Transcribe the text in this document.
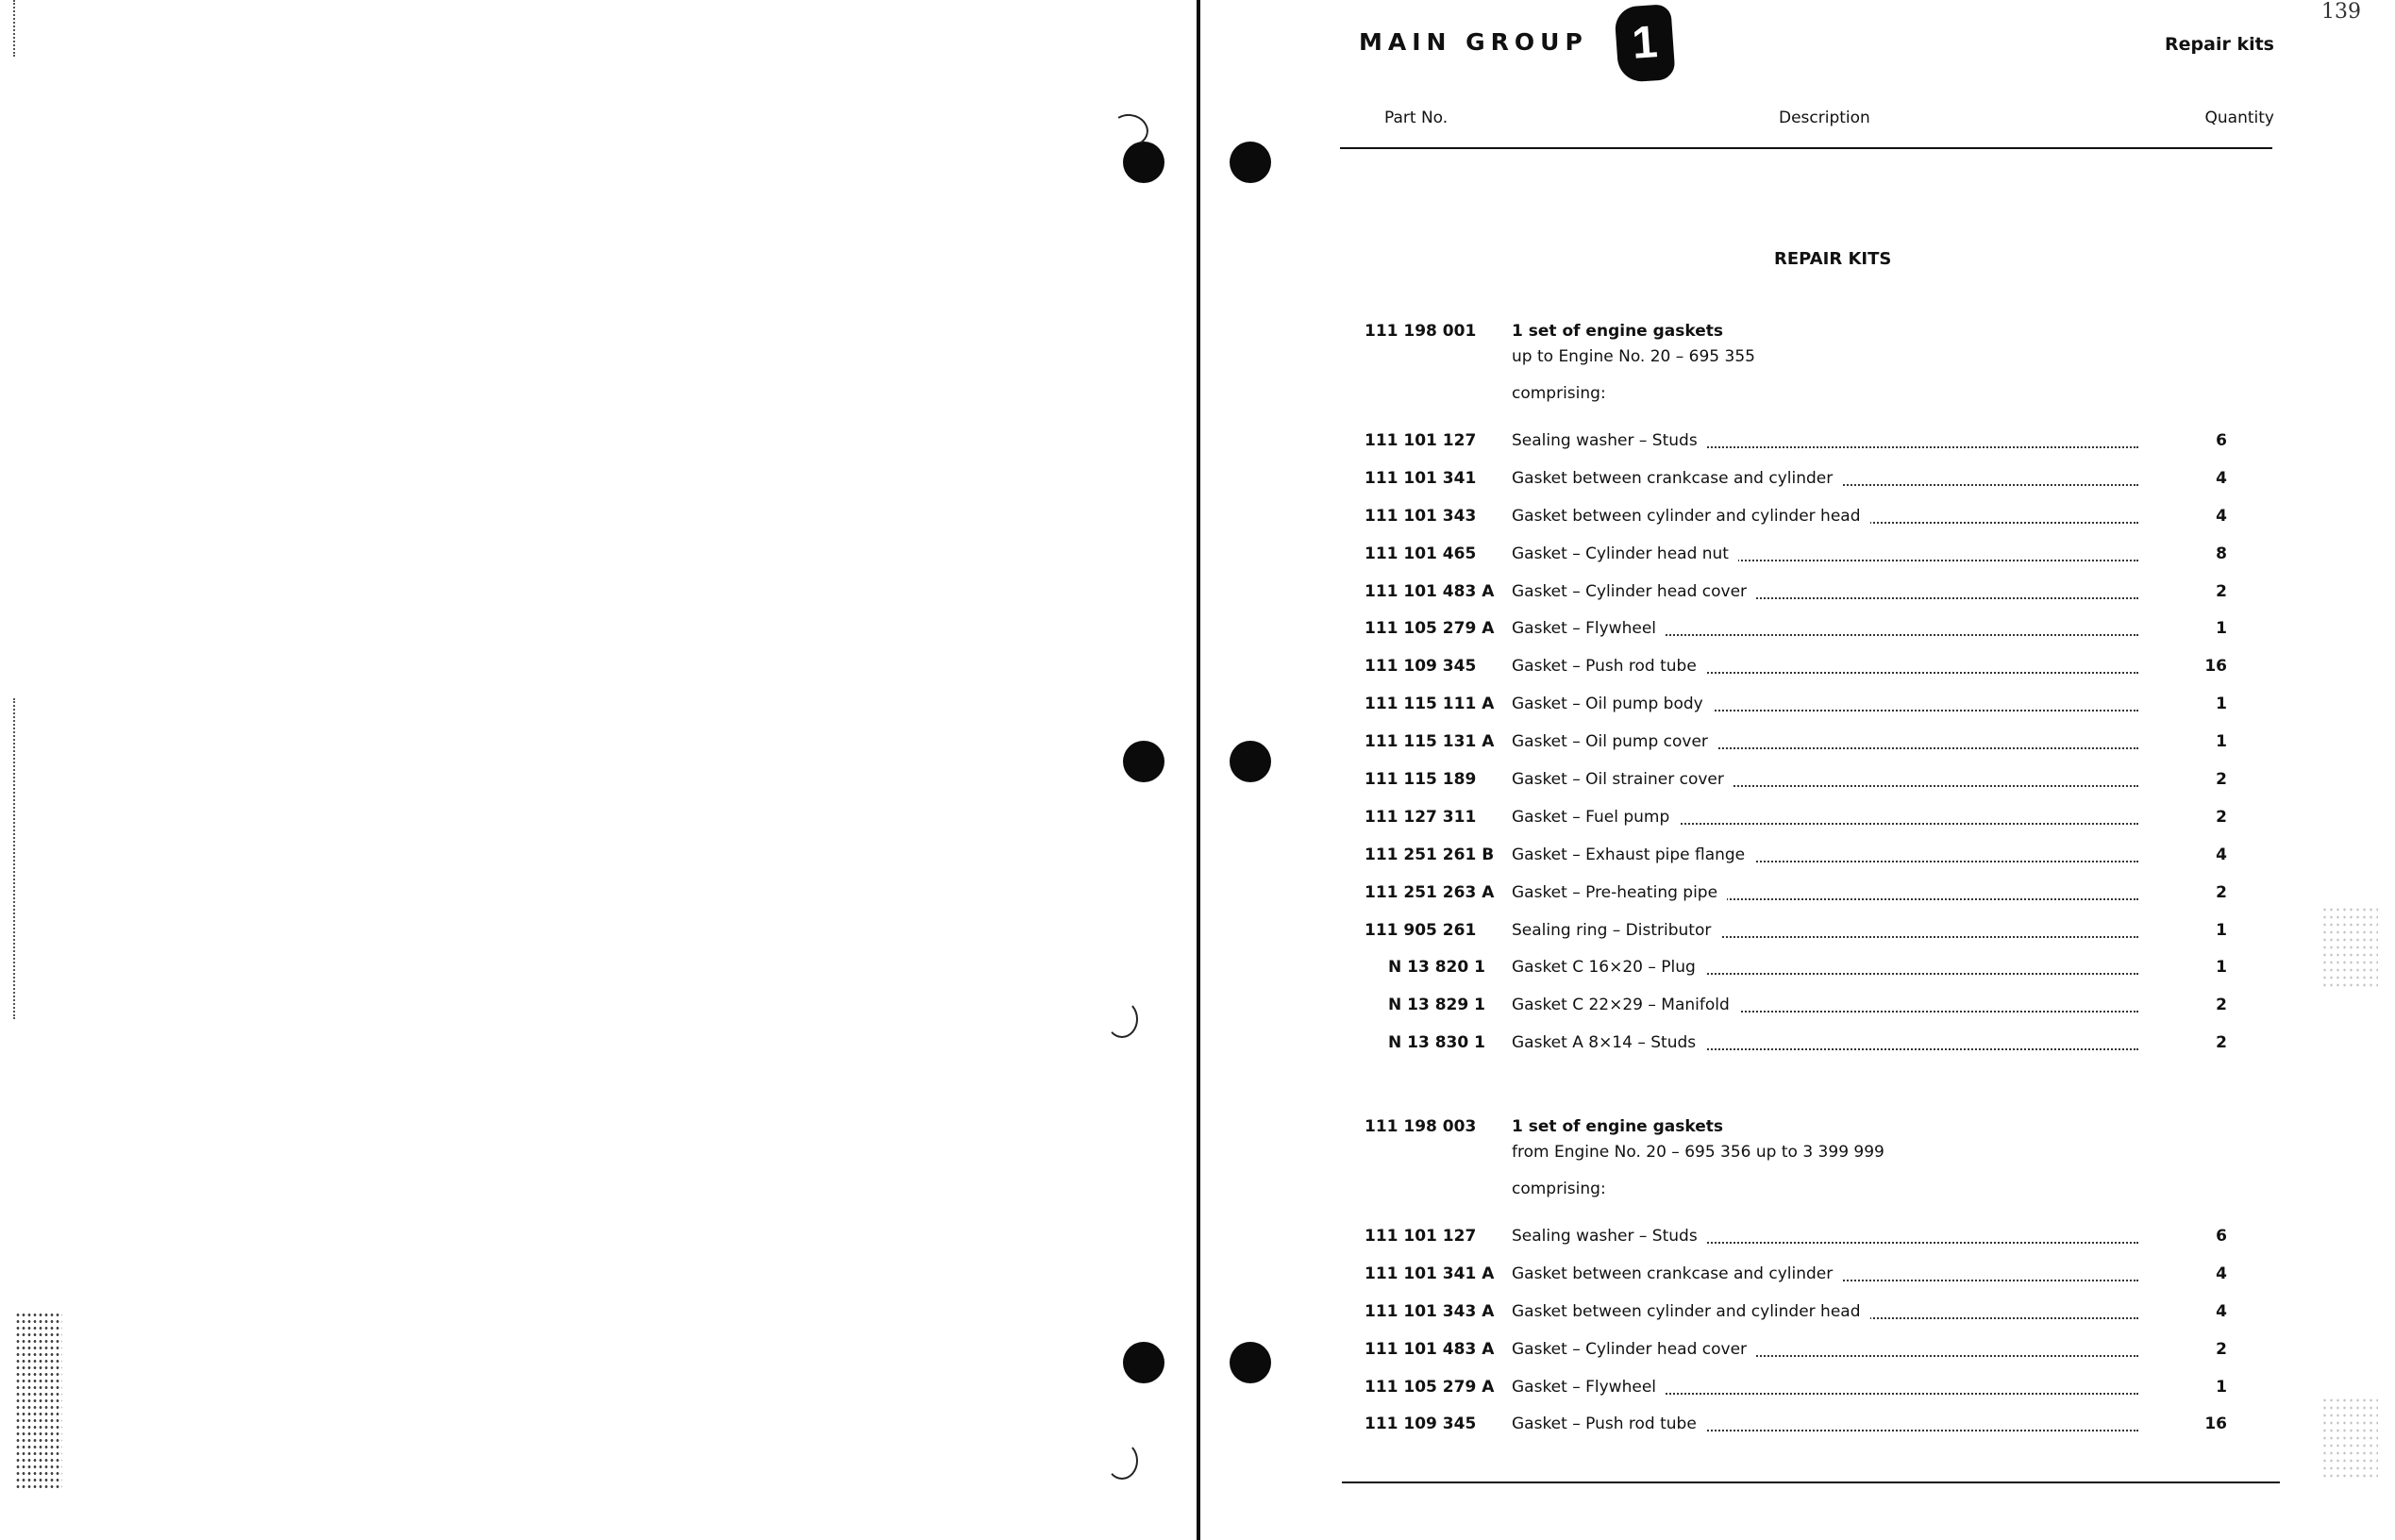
139
MAIN GROUP 1	Repair kits
Part No.	Description	Quantity
REPAIR KITS
111 198 001 1 set of engine gaskets
up to Engine No. 20 – 695 355
comprising:
111 101 127 Sealing washer – Studs	6
111 101 341 Gasket between crankcase and cylinder	4
111 101 343 Gasket between cylinder and cylinder head	4
111 101 465 Gasket – Cylinder head nut	8
111 101 483 A Gasket – Cylinder head cover	2
111 105 279 A Gasket – Flywheel	1
111 109 345 Gasket – Push rod tube	16
111 115 111 A Gasket – Oil pump body	1
111 115 131 A Gasket – Oil pump cover	1
111 115 189 Gasket – Oil strainer cover	2
111 127 311 Gasket – Fuel pump	2
111 251 261 B Gasket – Exhaust pipe flange	4
111 251 263 A Gasket – Pre-heating pipe	2
111 905 261 Sealing ring – Distributor	1
N 13 820 1 Gasket C 16×20 – Plug	1
N 13 829 1 Gasket C 22×29 – Manifold	2
N 13 830 1 Gasket A 8×14 – Studs	2
111 198 003 1 set of engine gaskets
from Engine No. 20 – 695 356 up to 3 399 999
comprising:
111 101 127 Sealing washer – Studs	6
111 101 341 A Gasket between crankcase and cylinder	4
111 101 343 A Gasket between cylinder and cylinder head	4
111 101 483 A Gasket – Cylinder head cover	2
111 105 279 A Gasket – Flywheel	1
111 109 345 Gasket – Push rod tube	16
